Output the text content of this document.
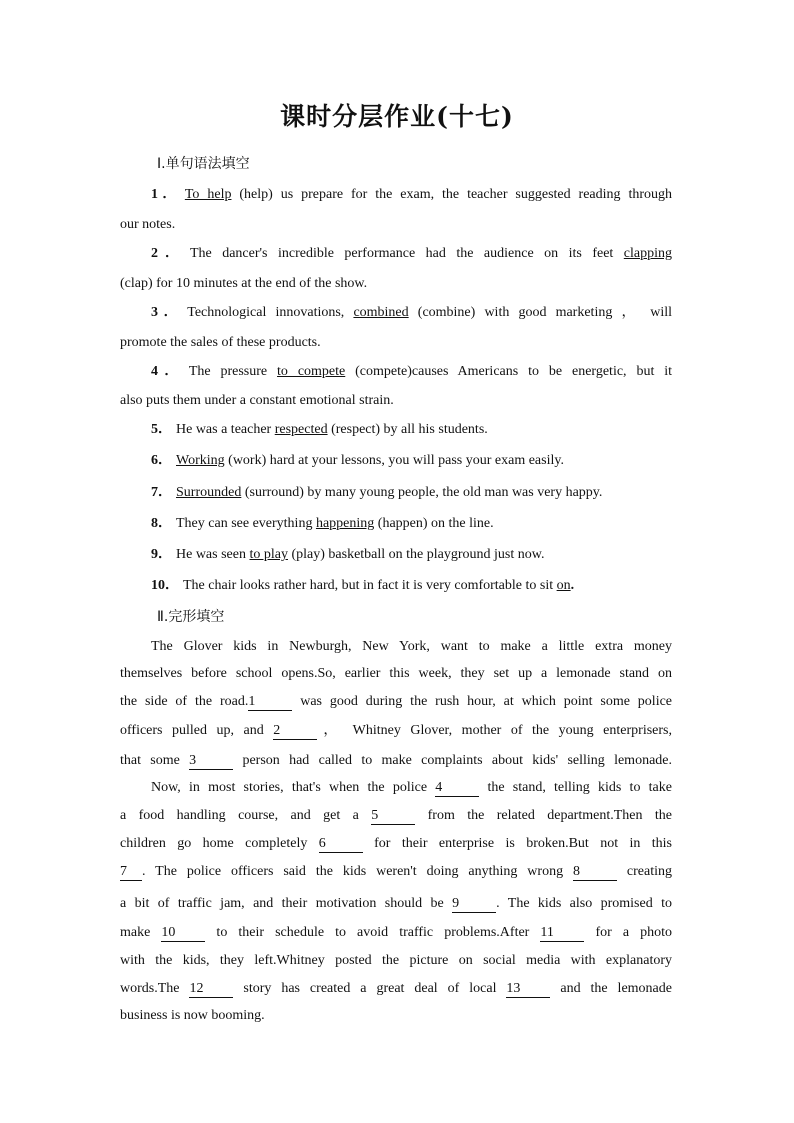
课时分层作业(十七)
Ⅰ.单句语法填空
1． To help (help) us prepare for the exam, the teacher suggested reading through
our notes.
2． The dancer's incredible performance had the audience on its feet clapping
(clap) for 10 minutes at the end of the show.
3． Technological innovations, combined (combine) with good marketing ， will
promote the sales of these products.
4． The pressure to compete (compete)causes Americans to be energetic, but it
also puts them under a constant emotional strain.
5． He was a teacher respected (respect) by all his students.
6． Working (work) hard at your lessons, you will pass your exam easily.
7． Surrounded (surround) by many young people, the old man was very happy.
8． They can see everything happening (happen) on the line.
9． He was seen to play (play) basketball on the playground just now.
10． The chair looks rather hard, but in fact it is very comfortable to sit on.
Ⅱ.完形填空
The Glover kids in Newburgh, New York, want to make a little extra money
themselves before school opens.So, earlier this week, they set up a lemonade stand on
the side of the road.1	was good during the rush hour, at which point some police
officers pulled up, and 2	， Whitney Glover, mother of the young enterprisers,
that some 3	person had called to make complaints about kids' selling lemonade.
Now, in most stories, that's when the police 4	the stand, telling kids to take
a food handling course, and get a 5	from the related department.Then the
children go home completely 6	for their enterprise is broken.But not in this
7 . The police officers said the kids weren't doing anything wrong 8	creating
a bit of traffic jam, and their motivation should be 9	. The kids also promised to
make 10 to their schedule to avoid traffic problems.After 11 for a photo
with the kids, they left.Whitney posted the picture on social media with explanatory
words.The 12 story has created a great deal of local 13 and the lemonade
business is now booming.
